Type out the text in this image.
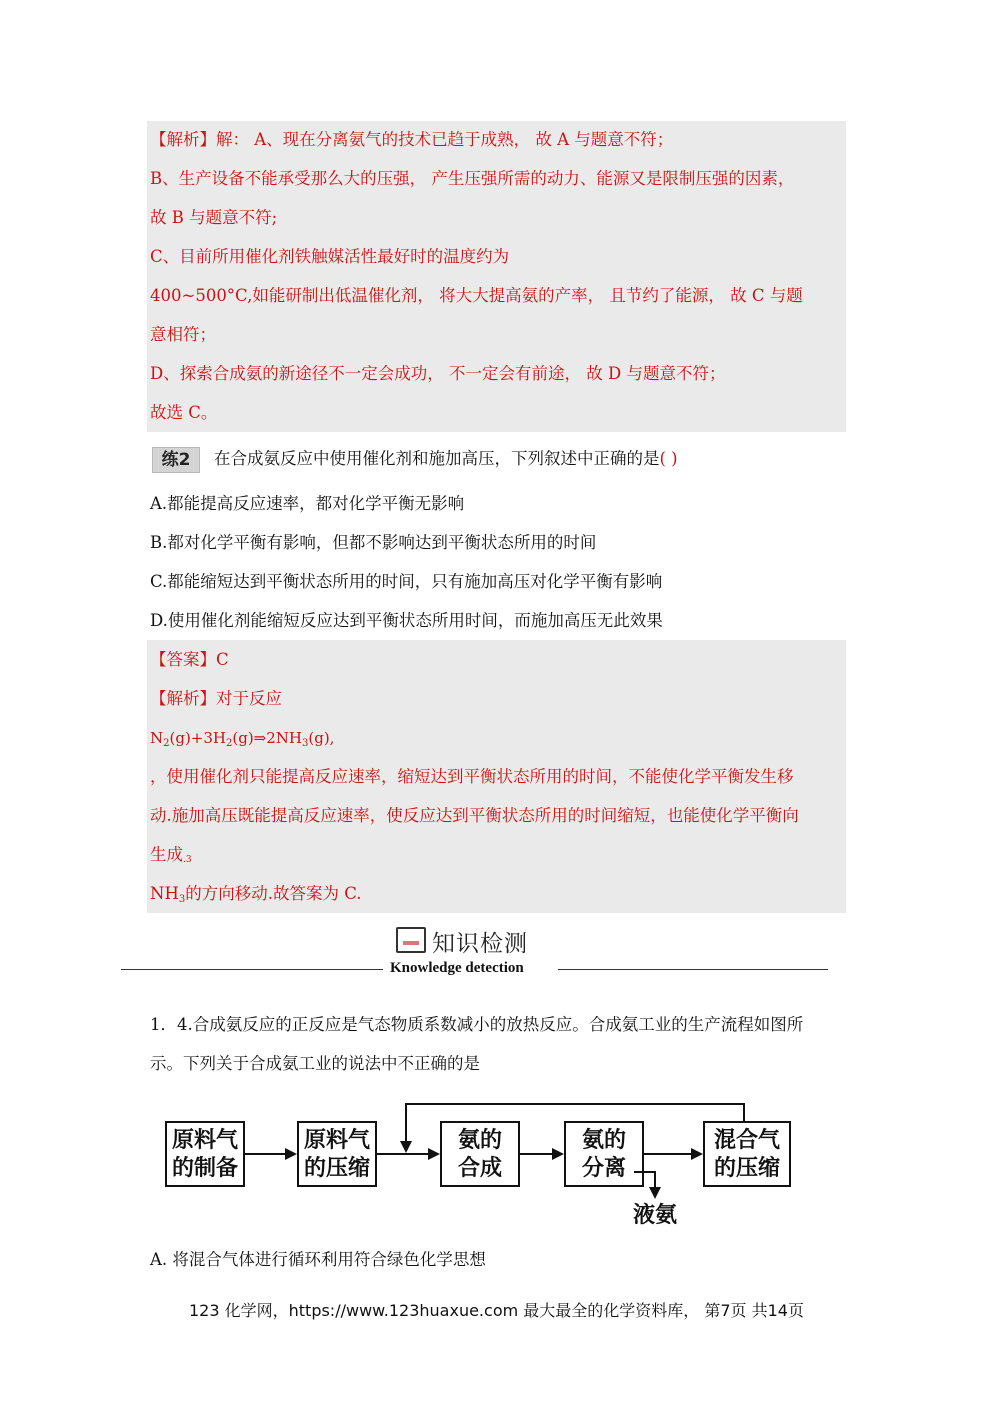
【解析】解： A、现在分离氨气的技术已趋于成熟， 故 A 与题意不符；
B、生产设备不能承受那么大的压强， 产生压强所需的动力、能源又是限制压强的因素，
故 B 与题意不符;
C、目前所用催化剂铁触媒活性最好时的温度约为
400~500°C,如能研制出低温催化剂， 将大大提高氨的产率， 且节约了能源， 故 C 与题
意相符；
D、探索合成氨的新途径不一定会成功， 不一定会有前途， 故 D 与题意不符；
故选 C。
练2	在合成氨反应中使用催化剂和施加高压，下列叙述中正确的是( )
A.都能提高反应速率，都对化学平衡无影响
B.都对化学平衡有影响，但都不影响达到平衡状态所用的时间
C.都能缩短达到平衡状态所用的时间，只有施加高压对化学平衡有影响
D.使用催化剂能缩短反应达到平衡状态所用时间，而施加高压无此效果
【答案】C
【解析】对于反应
$N_2(g)+3H_2(g)\Rightarrow 2NH_3(g)$,
，使用催化剂只能提高反应速率，缩短达到平衡状态所用的时间，不能使化学平衡发生移
动.施加高压既能提高反应速率，使反应达到平衡状态所用的时间缩短，也能使化学平衡向
生成$_{.3}$
$NH_3$的方向移动.故答案为 C.
知识检测
Knowledge detection
1．4.合成氨反应的正反应是气态物质系数减小的放热反应。合成氨工业的生产流程如图所
示。下列关于合成氨工业的说法中不正确的是
原料气
的制备
原料气
的压缩
氨的
合成
氨的
分离
混合气
的压缩
液氨
A. 将混合气体进行循环利用符合绿色化学思想
123 化学网，https://www.123huaxue.com 最大最全的化学资料库， 第7页 共14页
